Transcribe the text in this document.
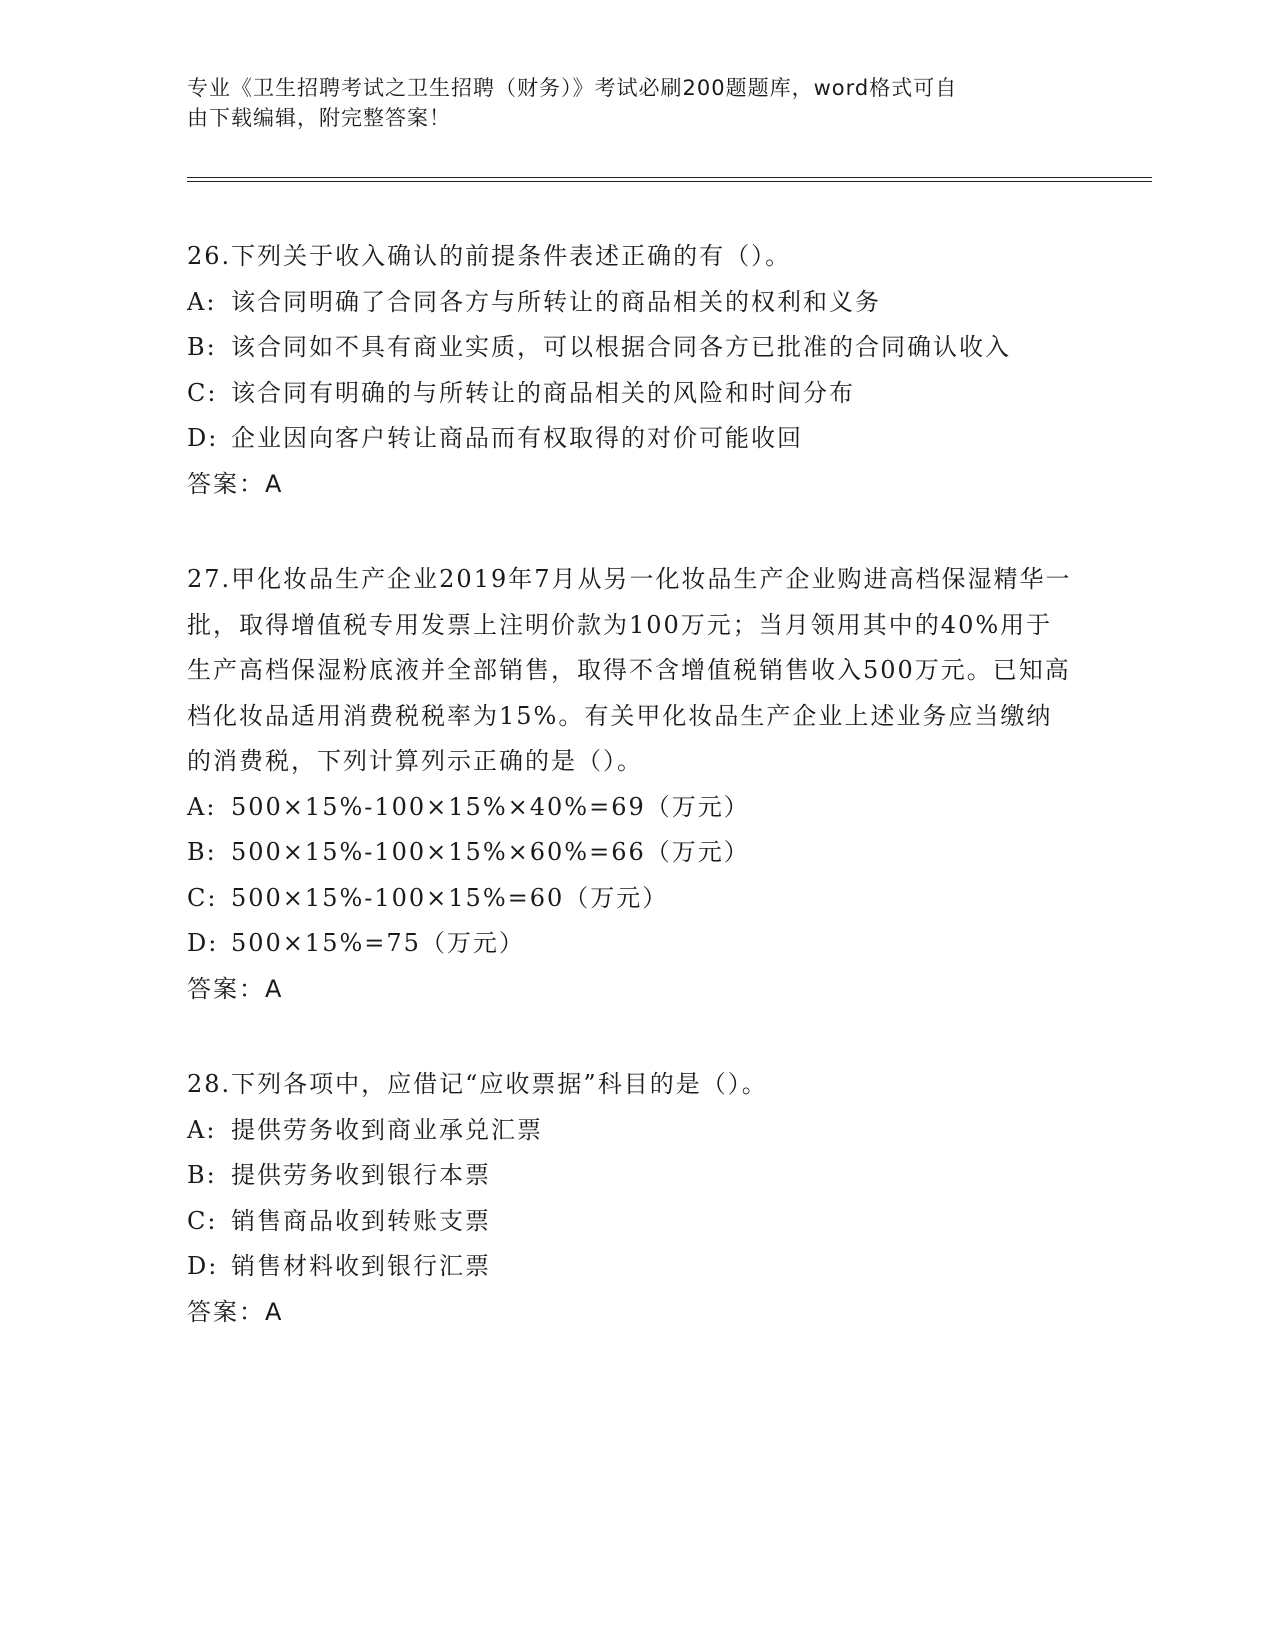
专业《卫生招聘考试之卫生招聘（财务）》考试必刷200题题库，word格式可自
由下载编辑，附完整答案！
26.下列关于收入确认的前提条件表述正确的有（）。
A: 该合同明确了合同各方与所转让的商品相关的权利和义务
B: 该合同如不具有商业实质，可以根据合同各方已批准的合同确认收入
C: 该合同有明确的与所转让的商品相关的风险和时间分布
D: 企业因向客户转让商品而有权取得的对价可能收回
答案：A
27.甲化妆品生产企业2019年7月从另一化妆品生产企业购进高档保湿精华一批，取得增值税专用发票上注明价款为100万元；当月领用其中的40%用于生产高档保湿粉底液并全部销售，取得不含增值税销售收入500万元。已知高档化妆品适用消费税税率为15%。有关甲化妆品生产企业上述业务应当缴纳的消费税，下列计算列示正确的是（）。
A: 500×15%-100×15%×40%=69（万元）
B: 500×15%-100×15%×60%=66（万元）
C: 500×15%-100×15%=60（万元）
D: 500×15%=75（万元）
答案：A
28.下列各项中，应借记“应收票据”科目的是（）。
A: 提供劳务收到商业承兑汇票
B: 提供劳务收到银行本票
C: 销售商品收到转账支票
D: 销售材料收到银行汇票
答案：A
